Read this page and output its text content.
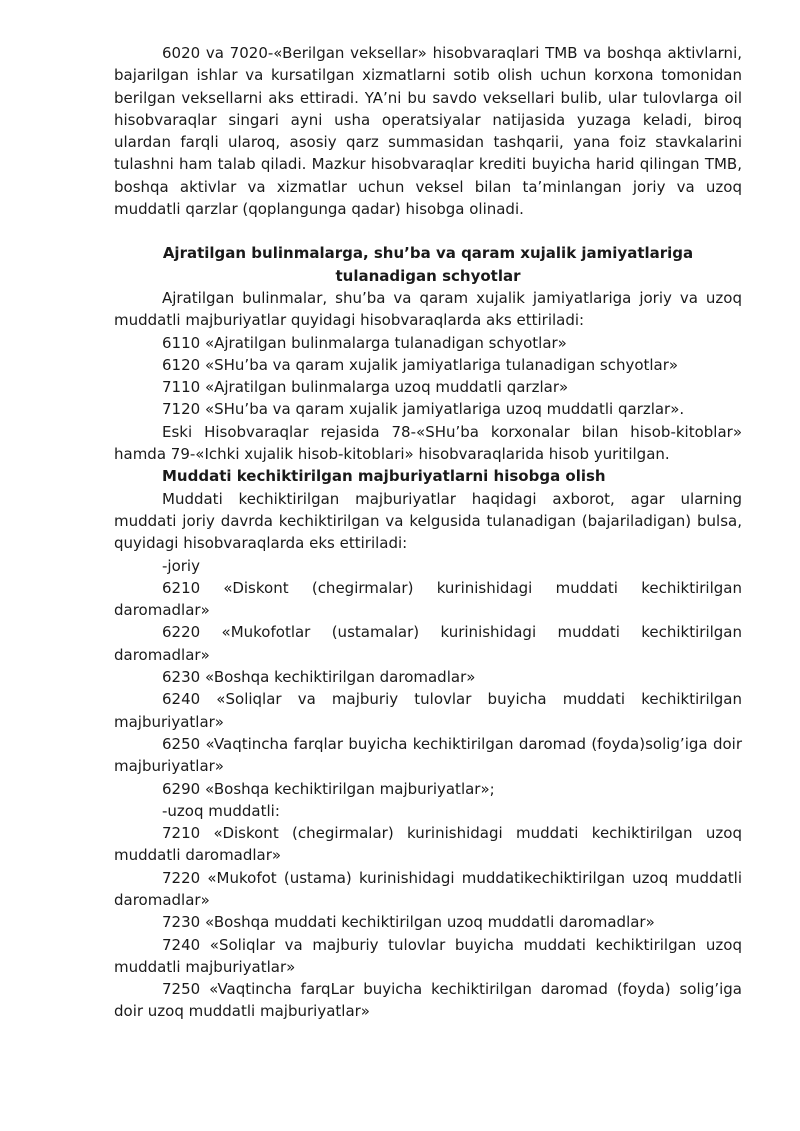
6020 va 7020-«Berilgan veksellar» hisobvaraqlari TMB va boshqa aktivlarni, bajarilgan ishlar va kursatilgan xizmatlarni sotib olish uchun korxona tomonidan berilgan veksellarni aks ettiradi. YA’ni bu savdo veksellari bulib, ular tulovlarga oil hisobvaraqlar singari ayni usha operatsiyalar natijasida yuzaga keladi, biroq ulardan farqli ularoq, asosiy qarz summasidan tashqarii, yana foiz stavkalarini tulashni ham talab qiladi. Mazkur hisobvaraqlar krediti buyicha harid qilingan TMB, boshqa aktivlar va xizmatlar uchun veksel bilan ta’minlangan joriy va uzoq muddatli qarzlar (qoplangunga qadar) hisobga olinadi.

Ajratilgan bulinmalarga, shu’ba va qaram xujalik jamiyatlariga tulanadigan schyotlar

Ajratilgan bulinmalar, shu’ba va qaram xujalik jamiyatlariga joriy va uzoq muddatli majburiyatlar quyidagi hisobvaraqlarda aks ettiriladi:

6110 «Ajratilgan bulinmalarga tulanadigan schyotlar»

6120 «SHu’ba va qaram xujalik jamiyatlariga tulanadigan schyotlar»

7110 «Ajratilgan bulinmalarga uzoq muddatli qarzlar»

7120 «SHu’ba va qaram xujalik jamiyatlariga uzoq muddatli qarzlar».

Eski Hisobvaraqlar rejasida 78-«SHu’ba korxonalar bilan hisob-kitoblar» hamda 79-«Ichki xujalik hisob-kitoblari» hisobvaraqlarida hisob yuritilgan.

Muddati kechiktirilgan majburiyatlarni hisobga olish

Muddati kechiktirilgan majburiyatlar haqidagi axborot, agar ularning muddati joriy davrda kechiktirilgan va kelgusida tulanadigan (bajariladigan) bulsa, quyidagi hisobvaraqlarda eks ettiriladi:

-joriy

6210 «Diskont (chegirmalar) kurinishidagi muddati kechiktirilgan daromadlar»

6220 «Mukofotlar (ustamalar) kurinishidagi muddati kechiktirilgan daromadlar»

6230 «Boshqa kechiktirilgan daromadlar»

6240 «Soliqlar va majburiy tulovlar buyicha muddati kechiktirilgan majburiyatlar»

6250 «Vaqtincha farqlar buyicha kechiktirilgan daromad (foyda)solig’iga doir majburiyatlar»

6290 «Boshqa kechiktirilgan majburiyatlar»;

-uzoq muddatli:

7210 «Diskont (chegirmalar) kurinishidagi muddati kechiktirilgan uzoq muddatli daromadlar»

7220 «Mukofot (ustama) kurinishidagi muddatikechiktirilgan uzoq muddatli daromadlar»

7230 «Boshqa muddati kechiktirilgan uzoq muddatli daromadlar»

7240 «Soliqlar va majburiy tulovlar buyicha muddati kechiktirilgan uzoq muddatli majburiyatlar»

7250 «Vaqtincha farqLar buyicha kechiktirilgan daromad (foyda) solig’iga doir uzoq muddatli majburiyatlar»
